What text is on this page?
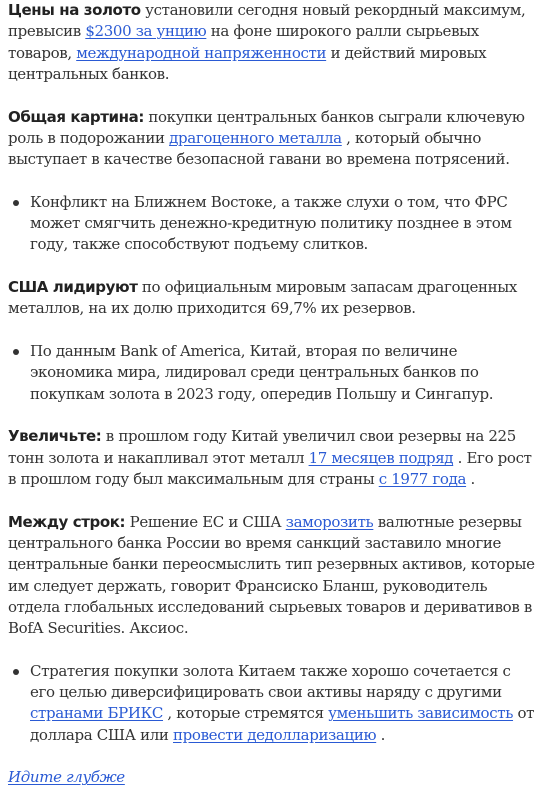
Цены на золото установили сегодня новый рекордный максимум, превысив $2300 за унцию на фоне широкого ралли сырьевых товаров, международной напряженности и действий мировых центральных банков.

Общая картина: покупки центральных банков сыграли ключевую роль в подорожании драгоценного металла , который обычно выступает в качестве безопасной гавани во времена потрясений.

Конфликт на Ближнем Востоке, а также слухи о том, что ФРС может смягчить денежно-кредитную политику позднее в этом году, также способствуют подъему слитков.

США лидируют по официальным мировым запасам драгоценных металлов, на их долю приходится 69,7% их резервов.

По данным Bank of America, Китай, вторая по величине экономика мира, лидировал среди центральных банков по покупкам золота в 2023 году, опередив Польшу и Сингапур.

Увеличьте: в прошлом году Китай увеличил свои резервы на 225 тонн золота и накапливал этот металл 17 месяцев подряд . Его рост в прошлом году был максимальным для страны с 1977 года .

Между строк: Решение ЕС и США заморозить валютные резервы центрального банка России во время санкций заставило многие центральные банки переосмыслить тип резервных активов, которые им следует держать, говорит Франсиско Бланш, руководитель отдела глобальных исследований сырьевых товаров и деривативов в BofA Securities. Аксиос.

Стратегия покупки золота Китаем также хорошо сочетается с его целью диверсифицировать свои активы наряду с другими странами БРИКС , которые стремятся уменьшить зависимость от доллара США или провести дедолларизацию .

Идите глубже
